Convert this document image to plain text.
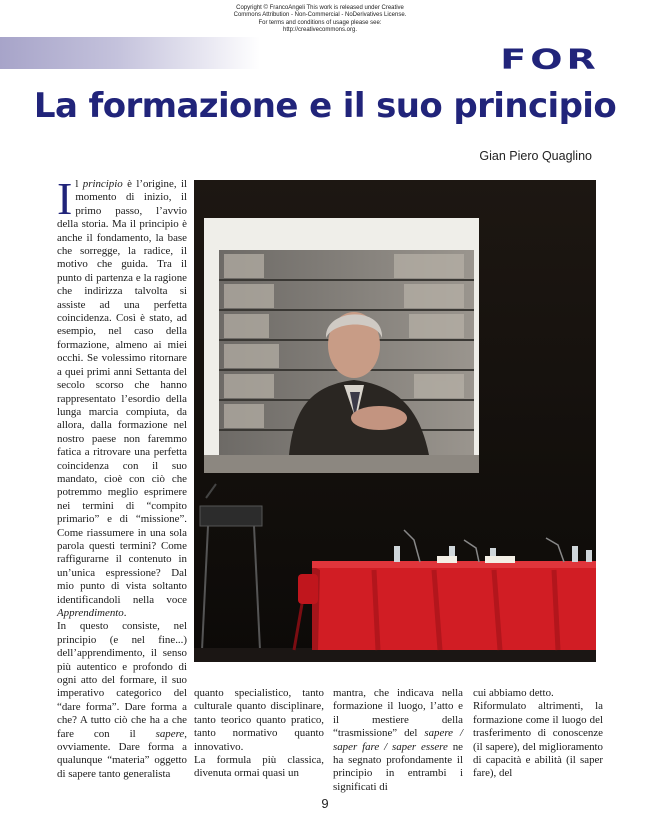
Copyright © FrancoAngeli This work is released under Creative
Commons Attribution - Non-Commercial - NoDerivatives License.
For terms and conditions of usage please see:
http://creativecommons.org.
FOR
La formazione e il suo principio
Gian Piero Quaglino

Il principio è l’origine, il momento di inizio, il primo passo, l’avvio della storia. Ma il principio è anche il fondamento, la base che sorregge, la radice, il motivo che guida. Tra il punto di partenza e la ragione che indirizza talvolta si assiste ad una perfetta coincidenza. Così è stato, ad esempio, nel caso della formazione, almeno ai miei occhi. Se volessimo ritornare a quei primi anni Settanta del secolo scorso che hanno rappresentato l’esordio della lunga marcia compiuta, da allora, dalla formazione nel nostro paese non faremmo fatica a ritrovare una perfetta coincidenza con il suo mandato, cioè con ciò che potremmo meglio esprimere nei termini di “compito primario” e di “missione”. Come riassumere in una sola parola questi termini? Come raffigurarne il contenuto in un’unica espressione? Dal mio punto di vista soltanto identificandoli nella voce Apprendimento.

In questo consiste, nel principio (e nel fine...) dell’apprendimento, il senso più autentico e profondo di ogni atto del formare, il suo imperativo categorico del “dare forma”. Dare forma a che? A tutto ciò che ha a che fare con il sapere, ovviamente. Dare forma a qualunque “materia” oggetto di sapere tanto generalista

quanto specialistico, tanto culturale quanto disciplinare, tanto teorico quanto pratico, tanto normativo quanto innovativo.

La formula più classica, divenuta ormai quasi un

mantra, che indicava nella formazione il luogo, l’atto e il mestiere della “trasmissione” del sapere / saper fare / saper essere ne ha segnato profondamente il principio in entrambi i significati di

cui abbiamo detto.

Riformulato altrimenti, la formazione come il luogo del trasferimento di conoscenze (il sapere), del miglioramento di capacità e abilità (il saper fare), del

9
